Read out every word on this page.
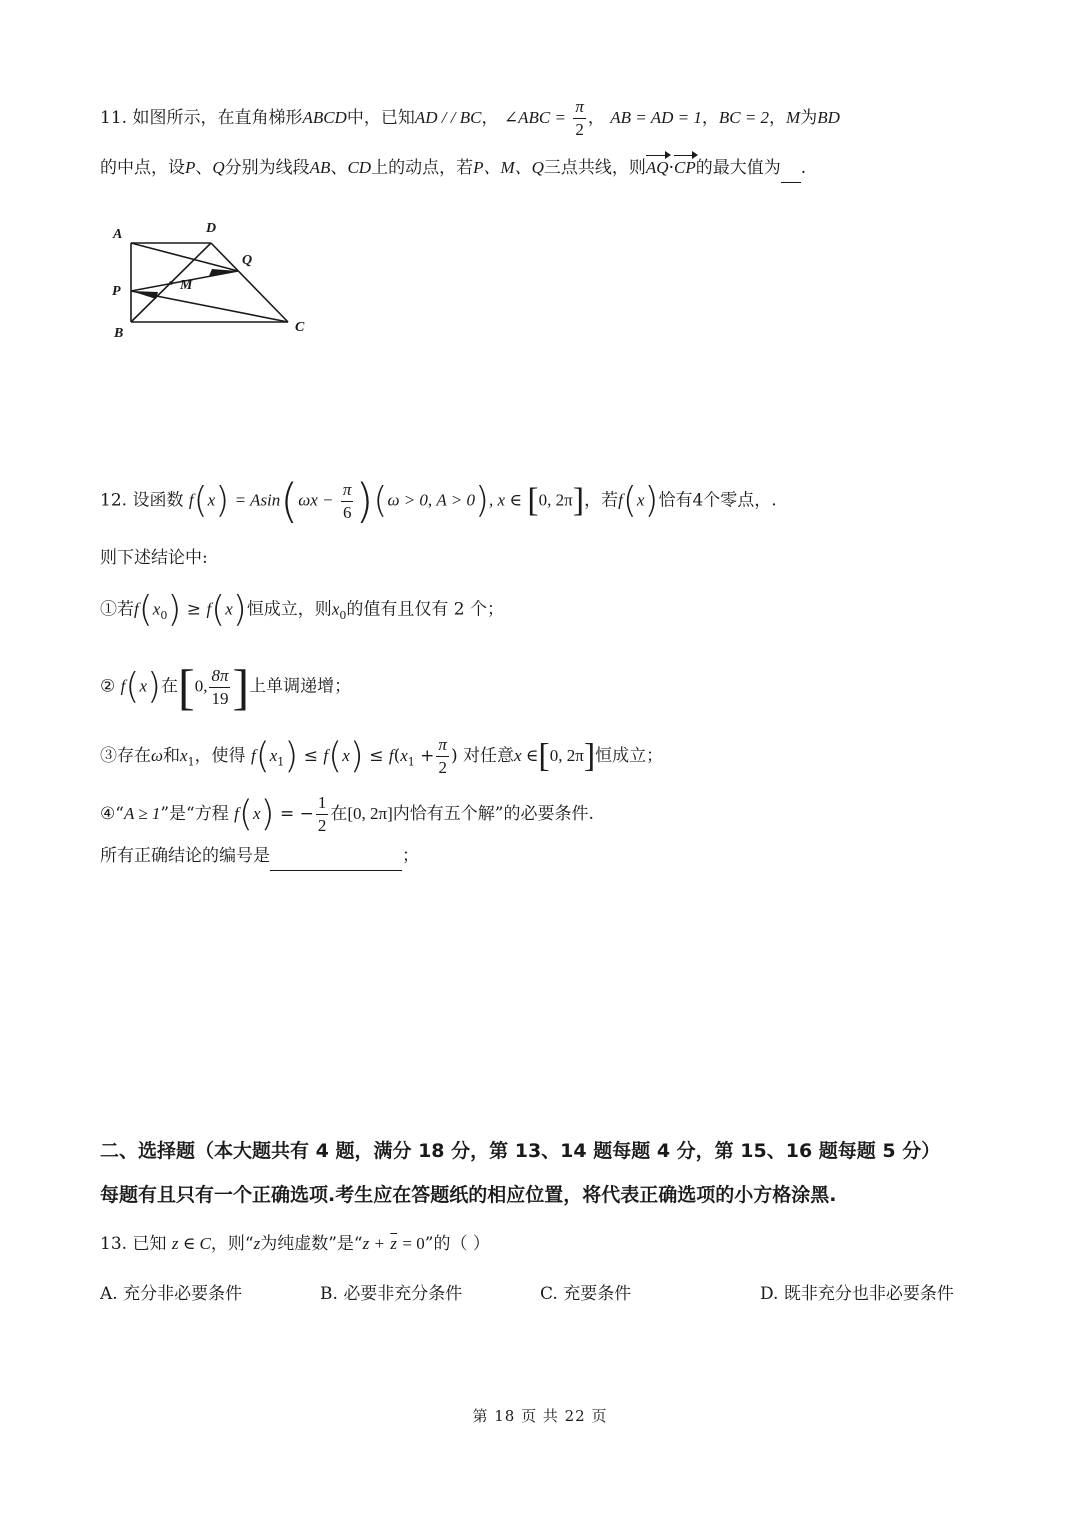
11. 如图所示，在直角梯形ABCD中，已知AD / / BC， ∠ABC = $\frac{\pi}{2}$ ， AB = AD = 1，BC = 2，M为BD
的中点，设P、Q分别为线段AB、CD上的动点，若P、M、Q三点共线，则AQ·CP的最大值为 .
A	D
Q
P	M
B	C
12. 设函数 $f(x) = Asin(\omega x - \frac{\pi}{6} )(\omega > 0$, A > 0), x ∈ [0, 2π]，若f(x)恰有4个零点，.
则下述结论中:
①若$f(x_0) \ge f(x)$恒成立，则$x_0$的值有且仅有 2 个；
② f(x)在[0, $\frac{8\pi}{19}$ ]上单调递增；
③存在ω和$x_1$，使得 $f(x_1) \le f(x) \le f(x_1 + \frac{\pi}{2}$ ) 对任意x ∈[0, 2π]恒成立；
④“A ≥ 1”是“方程 f(x) = − $\frac{1}{2}$ 在[0, 2π]内恰有五个解”的必要条件.
所有正确结论的编号是	；
二、选择题（本大题共有 4 题，满分 18 分，第 13、14 题每题 4 分，第 15、16 题每题 5 分）
每题有且只有一个正确选项.考生应在答题纸的相应位置，将代表正确选项的小方格涂黑.
13. 已知 z ∈ C，则“z为纯虚数”是“$z + \overline{z} = 0$”的（ ）
A. 充分非必要条件	B. 必要非充分条件	C. 充要条件	D. 既非充分也非必要条件
第 18 页 共 22 页
